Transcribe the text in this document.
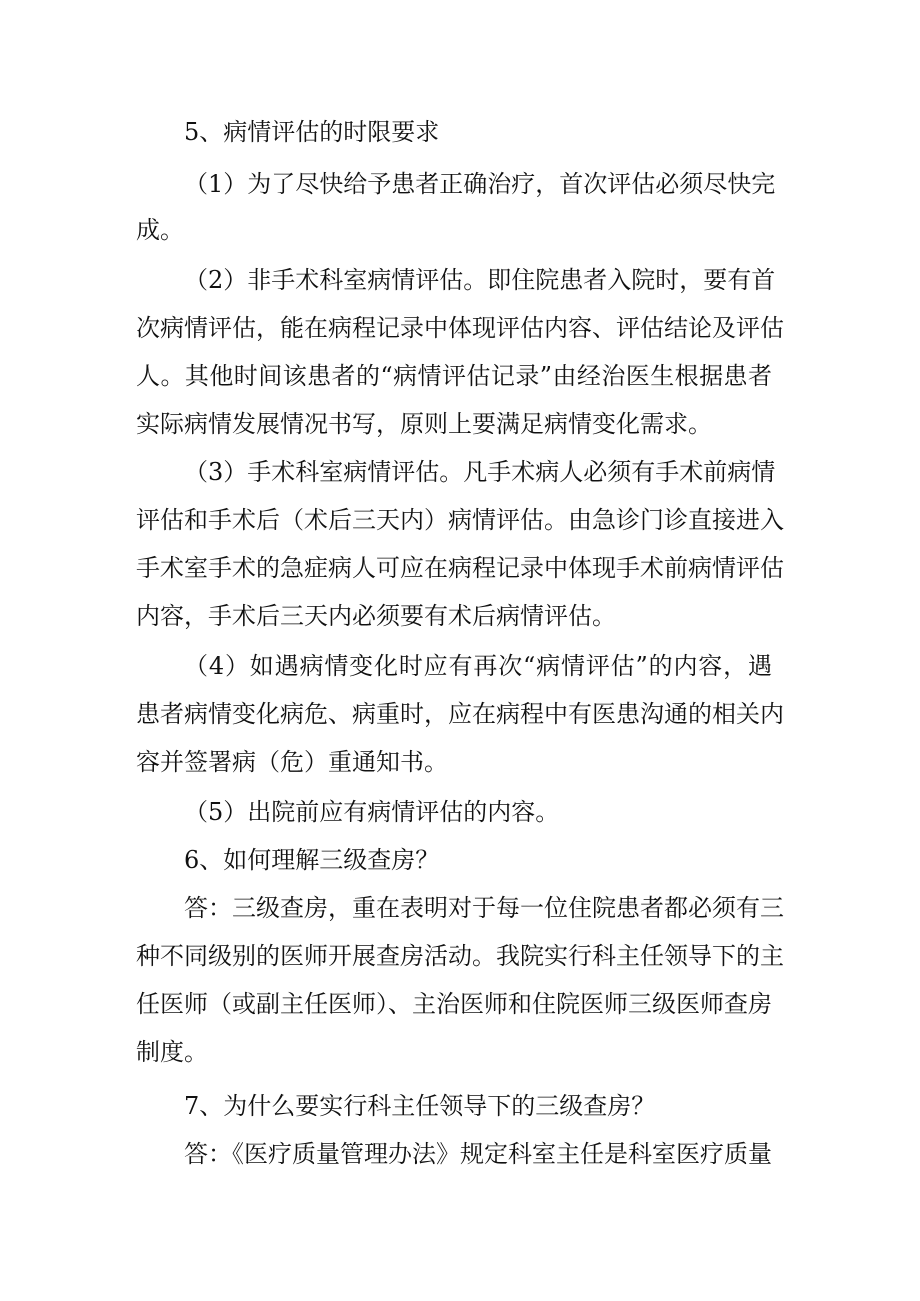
5、病情评估的时限要求
（1）为了尽快给予患者正确治疗，首次评估必须尽快完
成。
（2）非手术科室病情评估。即住院患者入院时，要有首
次病情评估，能在病程记录中体现评估内容、评估结论及评估
人。其他时间该患者的“病情评估记录”由经治医生根据患者
实际病情发展情况书写，原则上要满足病情变化需求。
（3）手术科室病情评估。凡手术病人必须有手术前病情
评估和手术后（术后三天内）病情评估。由急诊门诊直接进入
手术室手术的急症病人可应在病程记录中体现手术前病情评估
内容，手术后三天内必须要有术后病情评估。
（4）如遇病情变化时应有再次“病情评估”的内容，遇
患者病情变化病危、病重时，应在病程中有医患沟通的相关内
容并签署病（危）重通知书。
（5）出院前应有病情评估的内容。
6、如何理解三级查房？
答：三级查房，重在表明对于每一位住院患者都必须有三
种不同级别的医师开展查房活动。我院实行科主任领导下的主
任医师（或副主任医师）、主治医师和住院医师三级医师查房
制度。
7、为什么要实行科主任领导下的三级查房？
答：《医疗质量管理办法》规定科室主任是科室医疗质量
